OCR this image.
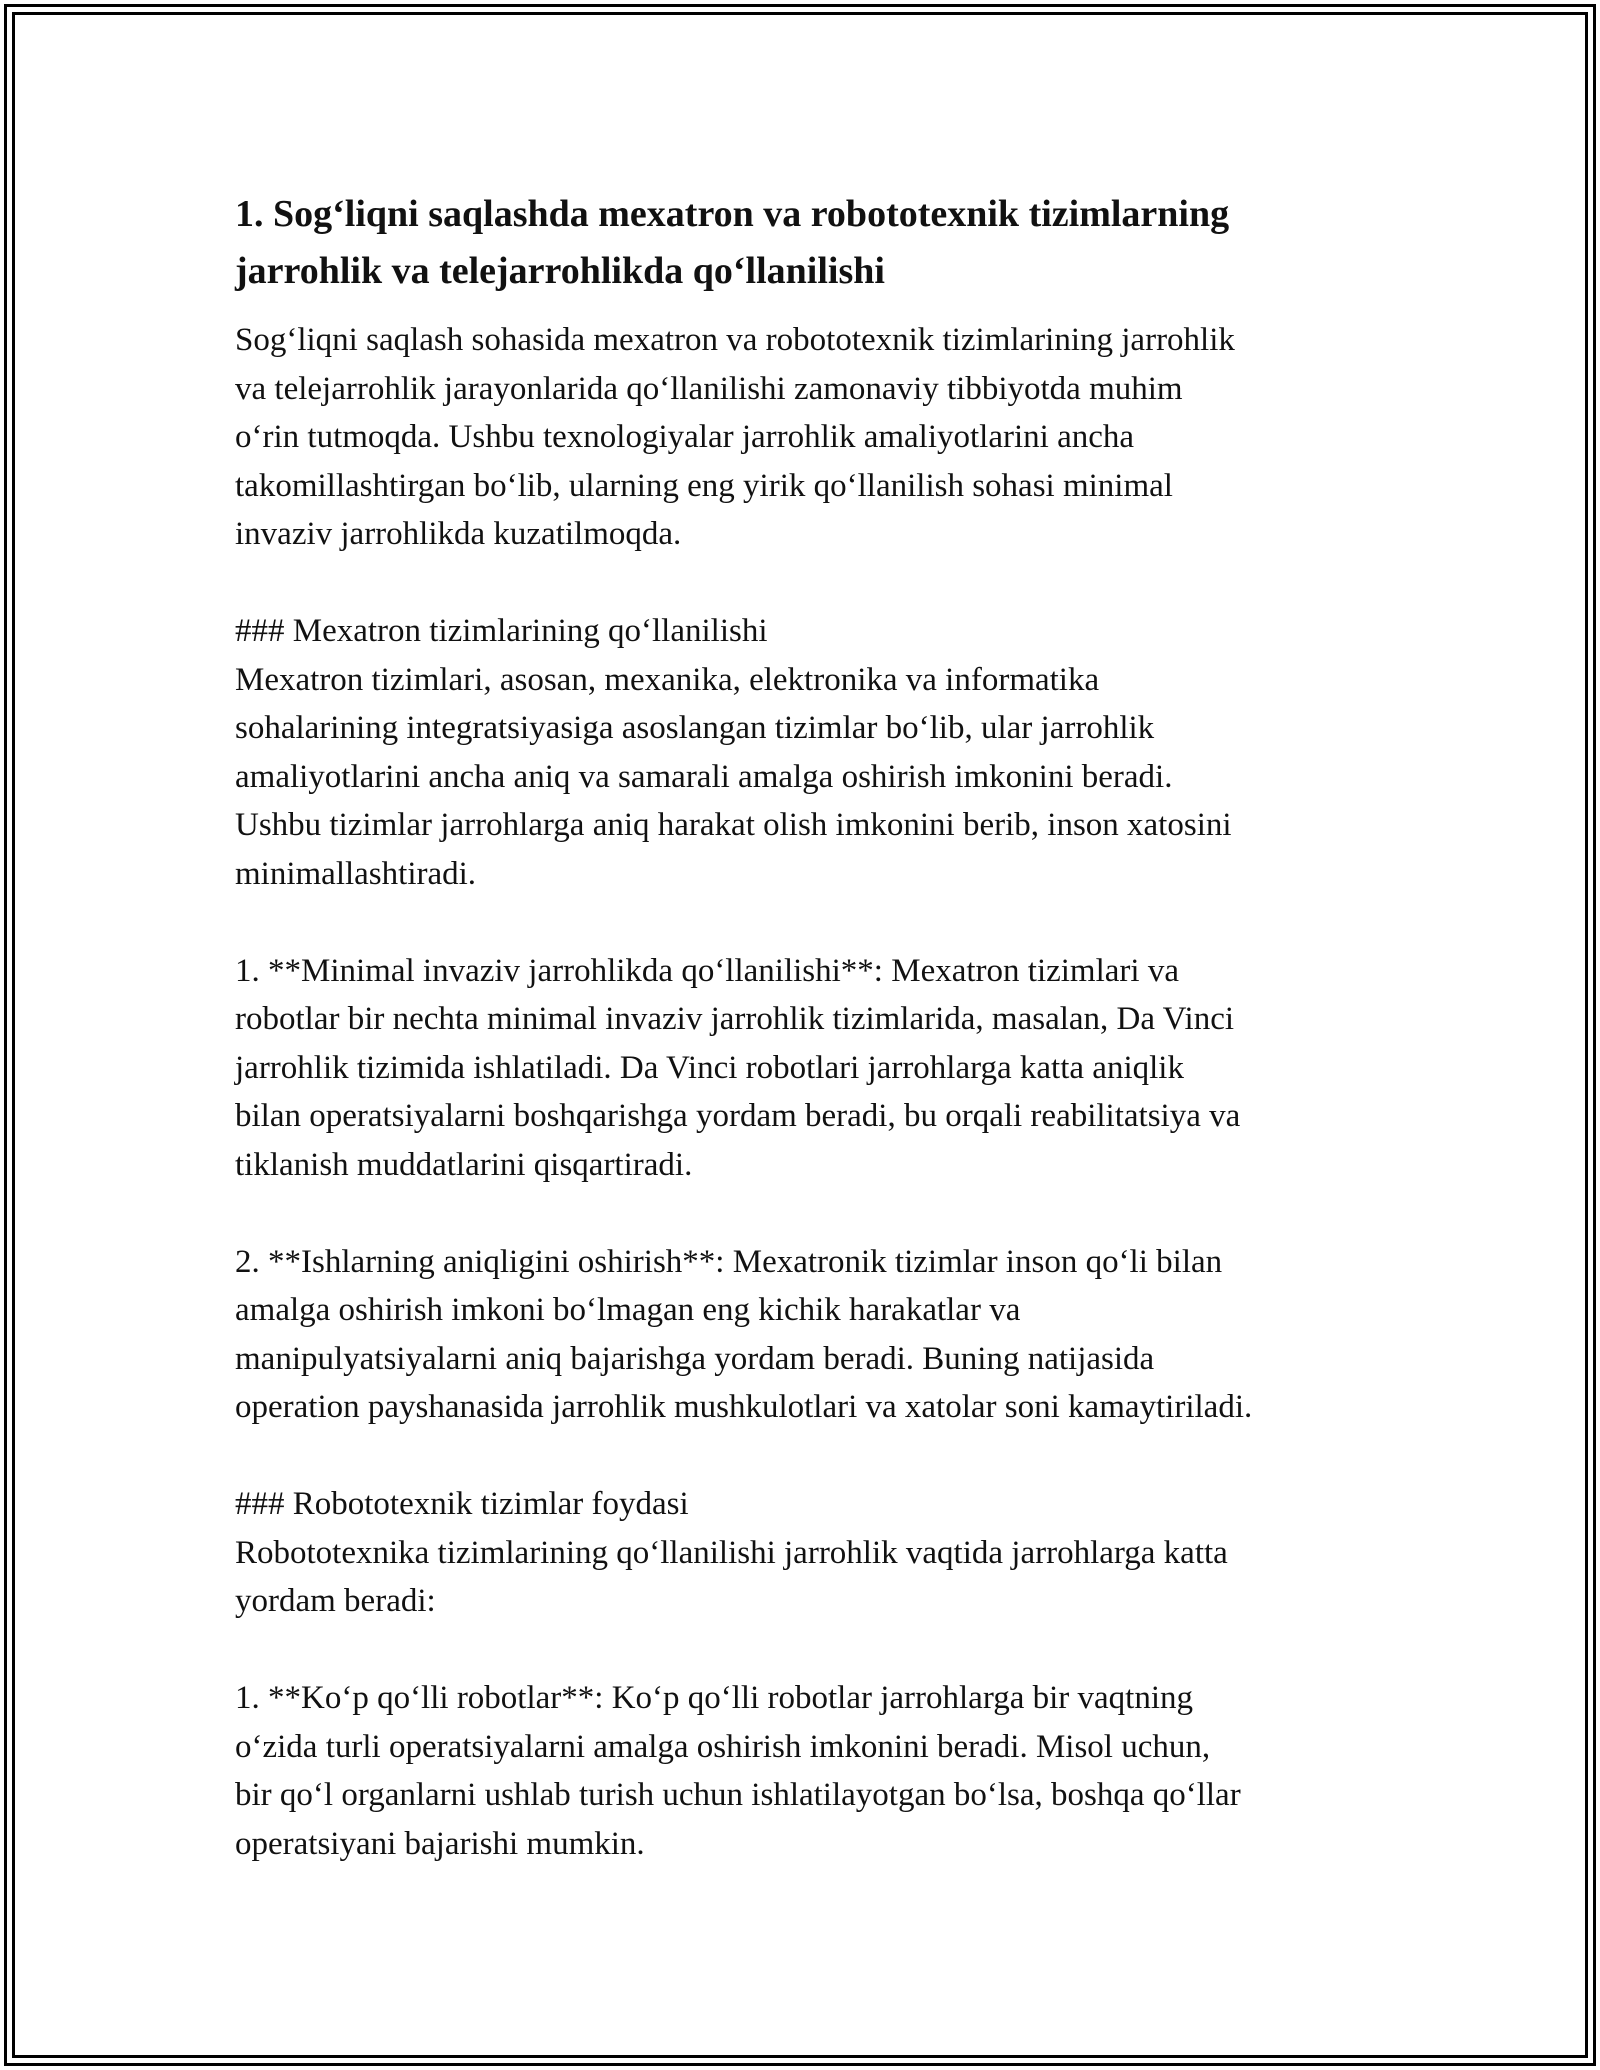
1. Sog‘liqni saqlashda mexatron va robototexnik tizimlarning jarrohlik va telejarrohlikda qo‘llanilishi

Sog‘liqni saqlash sohasida mexatron va robototexnik tizimlarining jarrohlik
va telejarrohlik jarayonlarida qo‘llanilishi zamonaviy tibbiyotda muhim
o‘rin tutmoqda. Ushbu texnologiyalar jarrohlik amaliyotlarini ancha
takomillashtirgan bo‘lib, ularning eng yirik qo‘llanilish sohasi minimal
invaziv jarrohlikda kuzatilmoqda.

### Mexatron tizimlarining qo‘llanilishi

Mexatron tizimlari, asosan, mexanika, elektronika va informatika
sohalarining integratsiyasiga asoslangan tizimlar bo‘lib, ular jarrohlik
amaliyotlarini ancha aniq va samarali amalga oshirish imkonini beradi.
Ushbu tizimlar jarrohlarga aniq harakat olish imkonini berib, inson xatosini
minimallashtiradi.

1. **Minimal invaziv jarrohlikda qo‘llanilishi**: Mexatron tizimlari va
robotlar bir nechta minimal invaziv jarrohlik tizimlarida, masalan, Da Vinci
jarrohlik tizimida ishlatiladi. Da Vinci robotlari jarrohlarga katta aniqlik
bilan operatsiyalarni boshqarishga yordam beradi, bu orqali reabilitatsiya va
tiklanish muddatlarini qisqartiradi.

2. **Ishlarning aniqligini oshirish**: Mexatronik tizimlar inson qo‘li bilan
amalga oshirish imkoni bo‘lmagan eng kichik harakatlar va
manipulyatsiyalarni aniq bajarishga yordam beradi. Buning natijasida
operation payshanasida jarrohlik mushkulotlari va xatolar soni kamaytiriladi.

### Robototexnik tizimlar foydasi

Robototexnika tizimlarining qo‘llanilishi jarrohlik vaqtida jarrohlarga katta
yordam beradi:

1. **Ko‘p qo‘lli robotlar**: Ko‘p qo‘lli robotlar jarrohlarga bir vaqtning
o‘zida turli operatsiyalarni amalga oshirish imkonini beradi. Misol uchun,
bir qo‘l organlarni ushlab turish uchun ishlatilayotgan bo‘lsa, boshqa qo‘llar
operatsiyani bajarishi mumkin.
